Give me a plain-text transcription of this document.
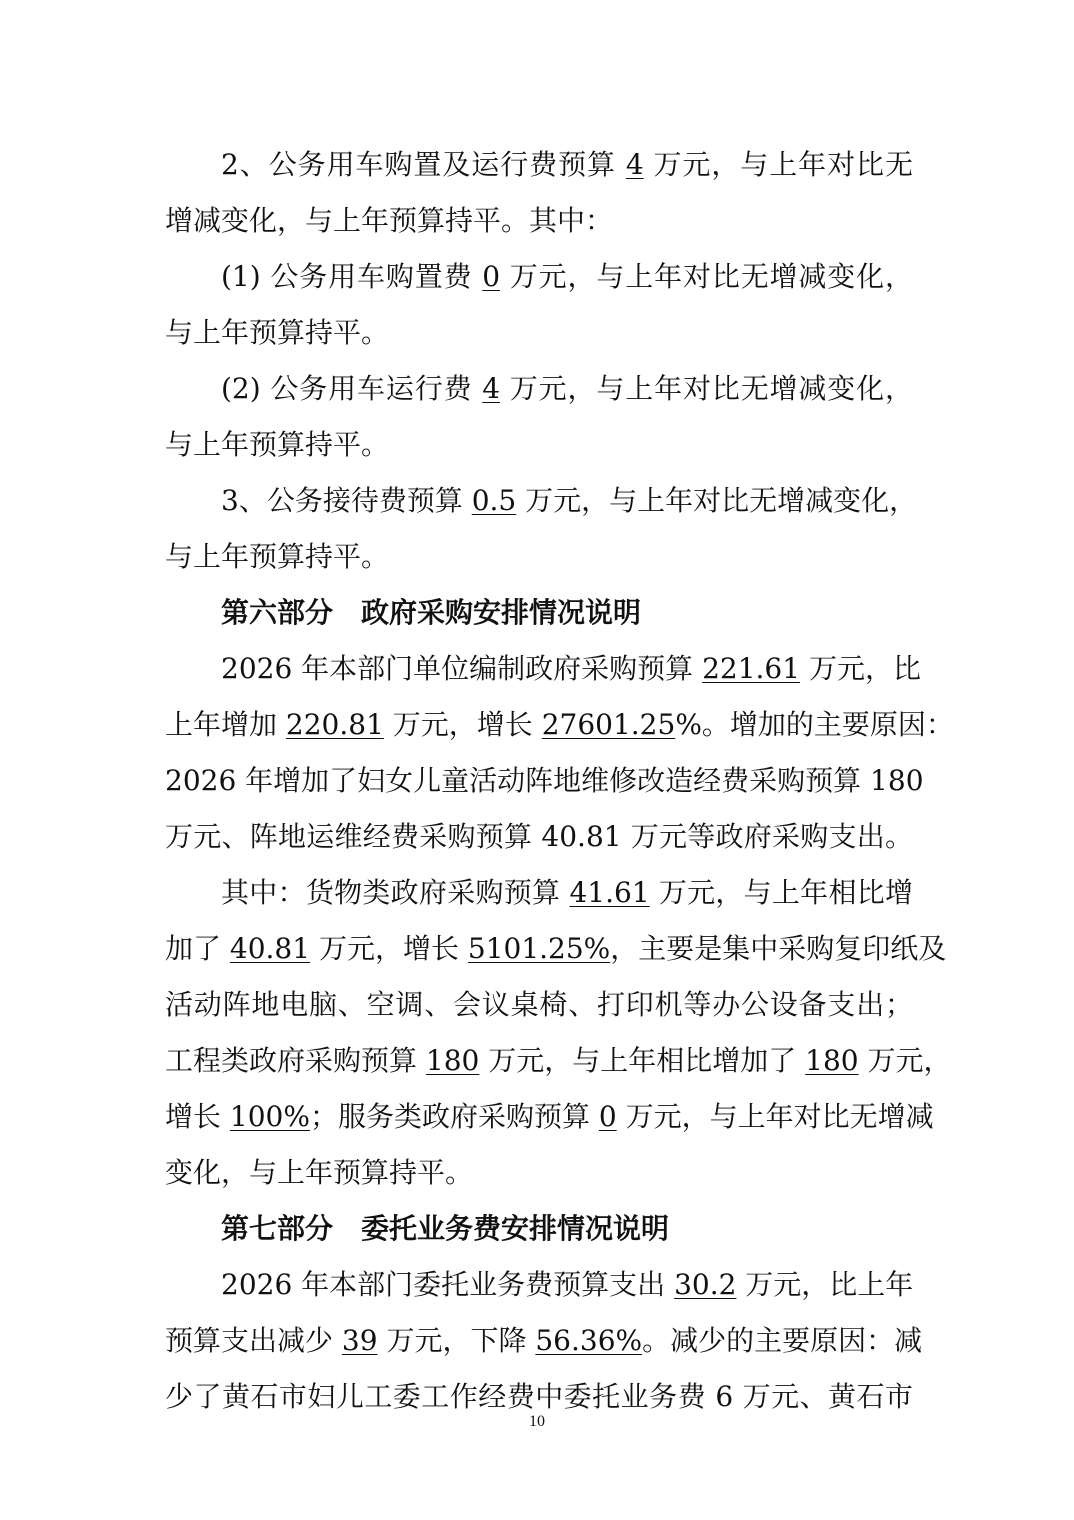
2、公务用车购置及运行费预算 4 万元，与上年对比无
增减变化，与上年预算持平。其中：
(1) 公务用车购置费 0 万元，与上年对比无增减变化，
与上年预算持平。
(2) 公务用车运行费 4 万元，与上年对比无增减变化，
与上年预算持平。
3、公务接待费预算 0.5 万元，与上年对比无增减变化，
与上年预算持平。
第六部分 政府采购安排情况说明
2026 年本部门单位编制政府采购预算 221.61 万元，比
上年增加 220.81 万元，增长 27601.25%。增加的主要原因：
2026 年增加了妇女儿童活动阵地维修改造经费采购预算 180
万元、阵地运维经费采购预算 40.81 万元等政府采购支出。
其中：货物类政府采购预算 41.61 万元，与上年相比增
加了 40.81 万元，增长 5101.25%，主要是集中采购复印纸及
活动阵地电脑、空调、会议桌椅、打印机等办公设备支出；
工程类政府采购预算 180 万元，与上年相比增加了 180 万元，
增长 100%；服务类政府采购预算 0 万元，与上年对比无增减
变化，与上年预算持平。
第七部分 委托业务费安排情况说明
2026 年本部门委托业务费预算支出 30.2 万元，比上年
预算支出减少 39 万元，下降 56.36%。减少的主要原因：减
少了黄石市妇儿工委工作经费中委托业务费 6 万元、黄石市
10
